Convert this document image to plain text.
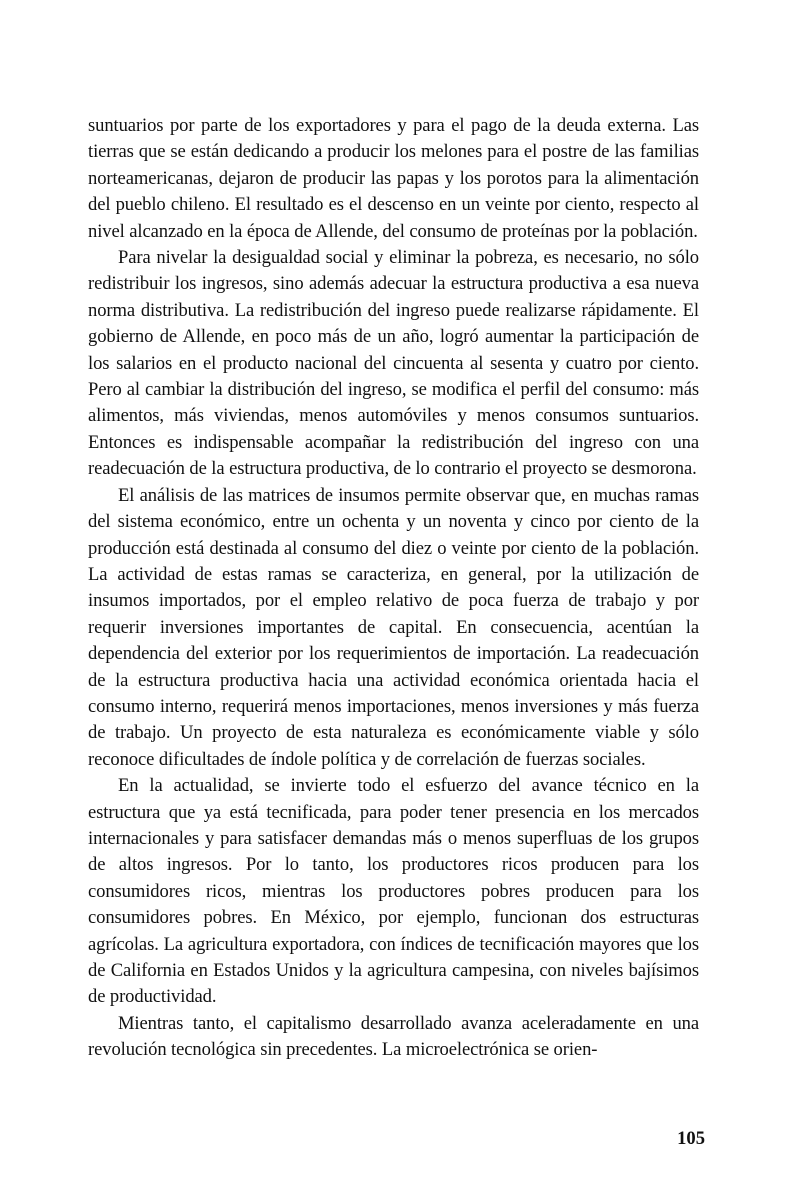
suntuarios por parte de los exportadores y para el pago de la deuda externa. Las tierras que se están dedicando a producir los melones para el postre de las familias norteamericanas, dejaron de producir las papas y los porotos para la alimentación del pueblo chileno. El resultado es el descenso en un veinte por ciento, respecto al nivel alcanzado en la época de Allende, del consumo de proteínas por la población.

Para nivelar la desigualdad social y eliminar la pobreza, es necesario, no sólo redistribuir los ingresos, sino además adecuar la estructura productiva a esa nueva norma distributiva. La redistribución del ingreso puede realizarse rápidamente. El gobierno de Allende, en poco más de un año, logró aumentar la participación de los salarios en el producto nacional del cincuenta al sesenta y cuatro por ciento. Pero al cambiar la distribución del ingreso, se modifica el perfil del consumo: más alimentos, más viviendas, menos automóviles y menos consumos suntuarios. Entonces es indispensable acompañar la redistribución del ingreso con una readecuación de la estructura productiva, de lo contrario el proyecto se desmorona.

El análisis de las matrices de insumos permite observar que, en muchas ramas del sistema económico, entre un ochenta y un noventa y cinco por ciento de la producción está destinada al consumo del diez o veinte por ciento de la población. La actividad de estas ramas se caracteriza, en general, por la utilización de insumos importados, por el empleo relativo de poca fuerza de trabajo y por requerir inversiones importantes de capital. En consecuencia, acentúan la dependencia del exterior por los requerimientos de importación. La readecuación de la estructura productiva hacia una actividad económica orientada hacia el consumo interno, requerirá menos importaciones, menos inversiones y más fuerza de trabajo. Un proyecto de esta naturaleza es económicamente viable y sólo reconoce dificultades de índole política y de correlación de fuerzas sociales.

En la actualidad, se invierte todo el esfuerzo del avance técnico en la estructura que ya está tecnificada, para poder tener presencia en los mercados internacionales y para satisfacer demandas más o menos superfluas de los grupos de altos ingresos. Por lo tanto, los productores ricos producen para los consumidores ricos, mientras los productores pobres producen para los consumidores pobres. En México, por ejemplo, funcionan dos estructuras agrícolas. La agricultura exportadora, con índices de tecnificación mayores que los de California en Estados Unidos y la agricultura campesina, con niveles bajísimos de productividad.

Mientras tanto, el capitalismo desarrollado avanza aceleradamente en una revolución tecnológica sin precedentes. La microelectrónica se orien-

105
